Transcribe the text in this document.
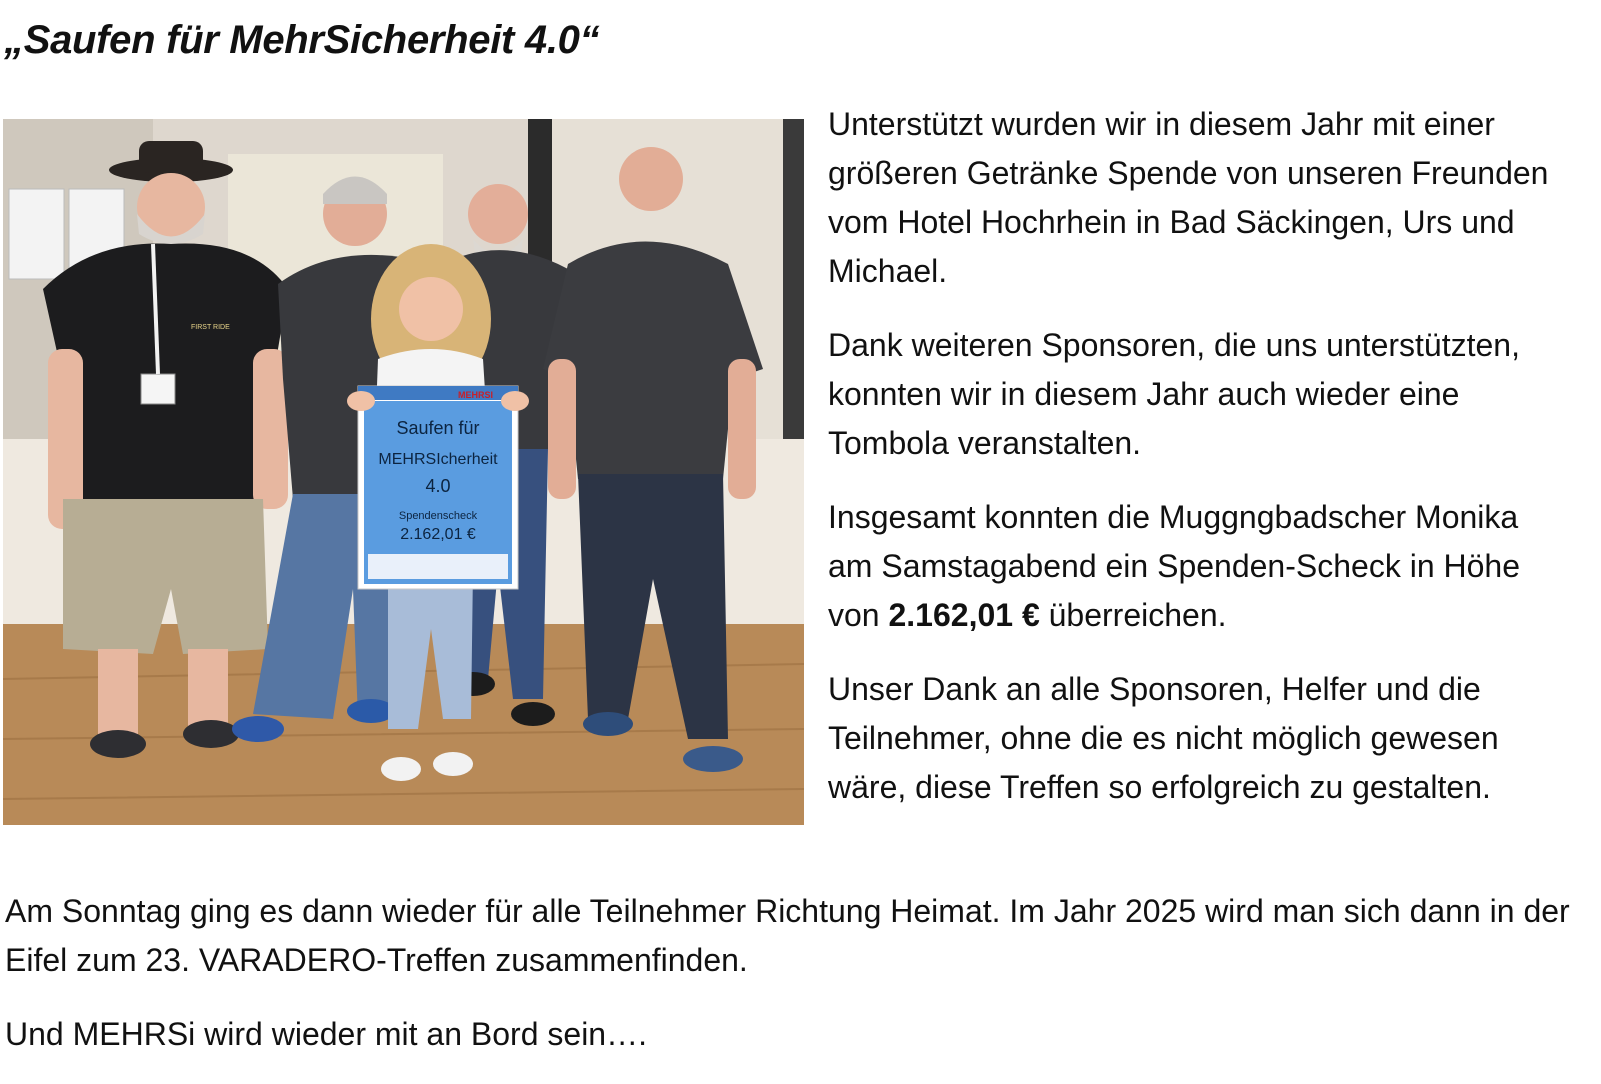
„Saufen für MehrSicherheit 4.0“
FIRST RIDE
MEHRSI
Saufen für
MEHRSIcherheit
4.0
Spendenscheck
2.162,01 €

Unterstützt wurden wir in diesem Jahr mit einer größeren Getränke Spende von unseren Freunden vom Hotel Hochrhein in Bad Säckingen, Urs und Michael.

Dank weiteren Sponsoren, die uns unterstützten, konnten wir in diesem Jahr auch wieder eine Tombola veranstalten.

Insgesamt konnten die Muggngbadscher Monika am Samstagabend ein Spenden-Scheck in Höhe von 2.162,01 € überreichen.

Unser Dank an alle Sponsoren, Helfer und die Teilnehmer, ohne die es nicht möglich gewesen wäre, diese Treffen so erfolgreich zu gestalten.

Am Sonntag ging es dann wieder für alle Teilnehmer Richtung Heimat. Im Jahr 2025 wird man sich dann in der Eifel zum 23. VARADERO-Treffen zusammenfinden.

Und MEHRSi wird wieder mit an Bord sein….
